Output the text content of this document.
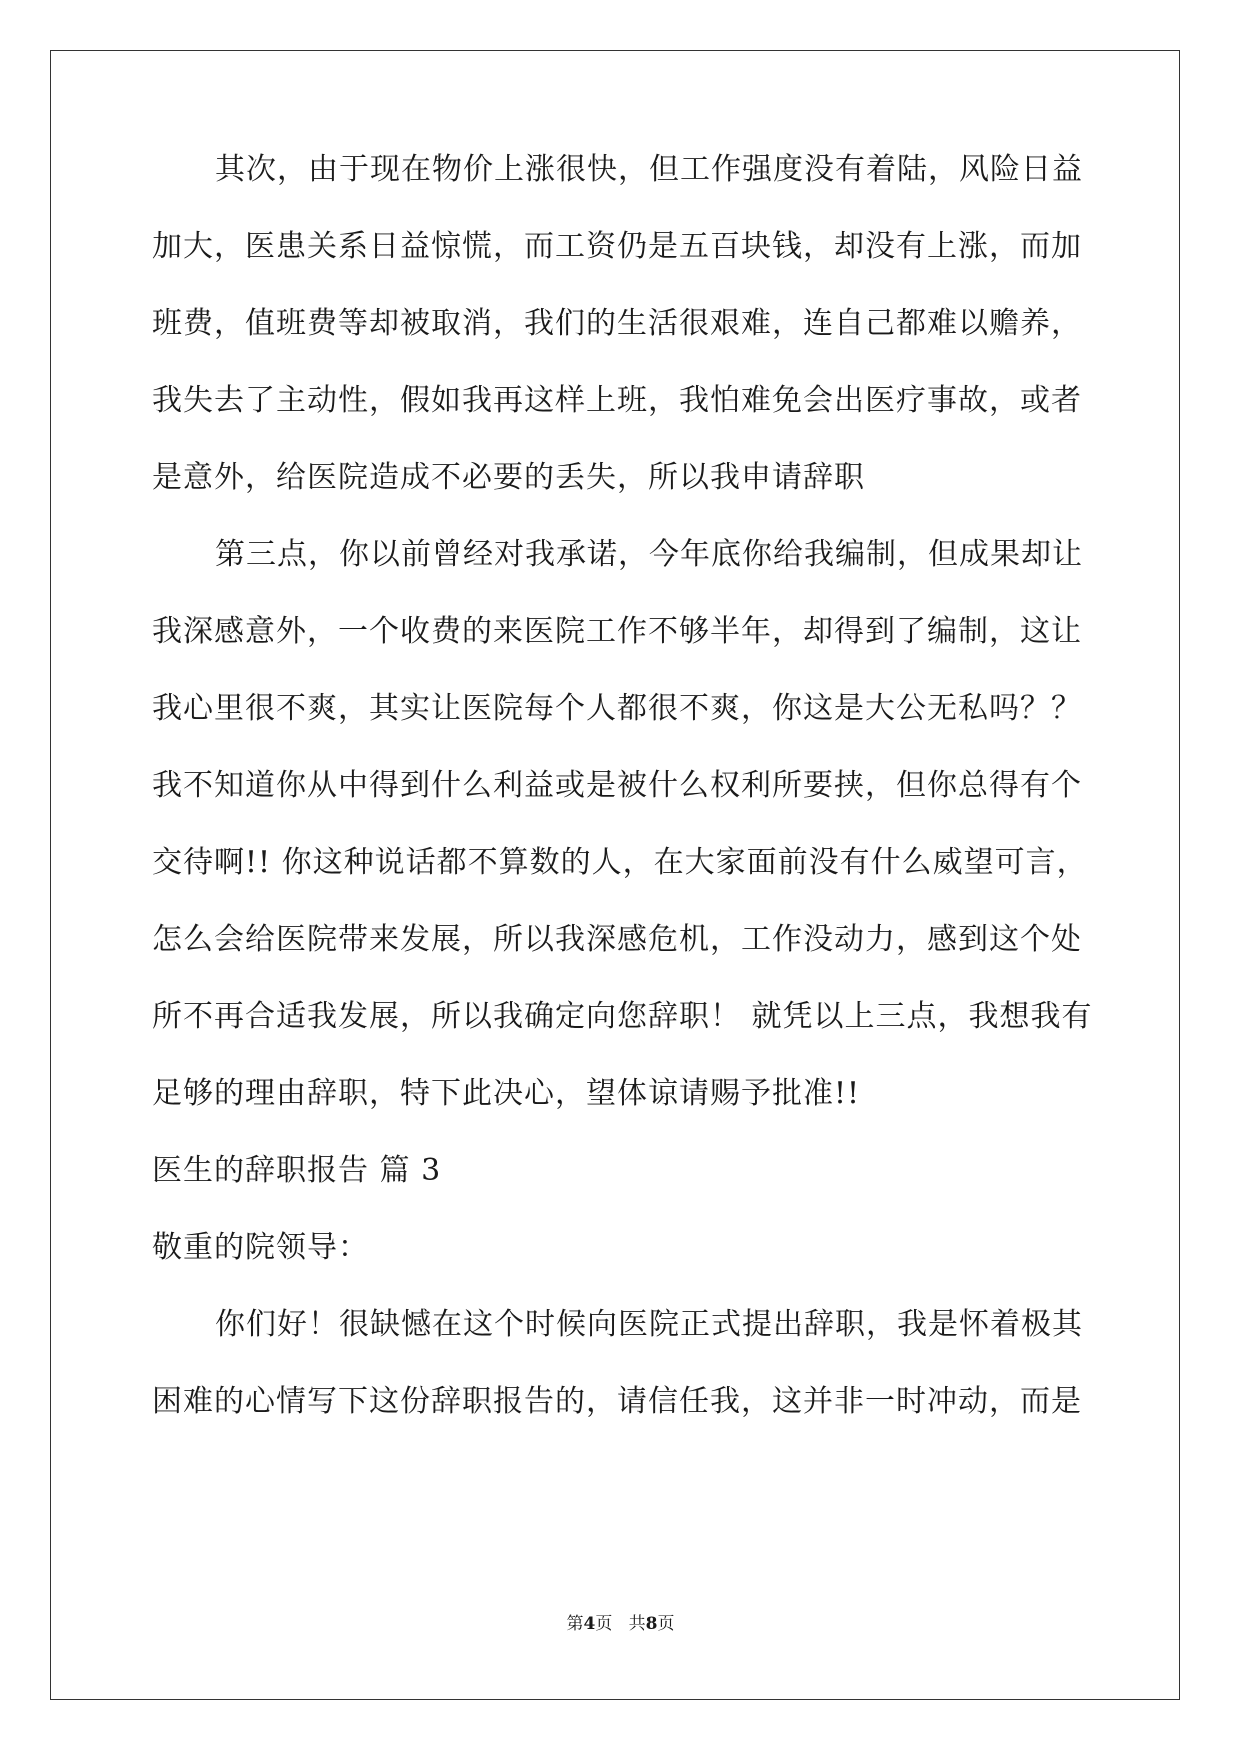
其次，由于现在物价上涨很快，但工作强度没有着陆，风险日益
加大，医患关系日益惊慌，而工资仍是五百块钱，却没有上涨，而加
班费，值班费等却被取消，我们的生活很艰难，连自己都难以赡养，
我失去了主动性，假如我再这样上班，我怕难免会出医疗事故，或者
是意外，给医院造成不必要的丢失，所以我申请辞职
第三点，你以前曾经对我承诺，今年底你给我编制，但成果却让
我深感意外，一个收费的来医院工作不够半年，却得到了编制，这让
我心里很不爽，其实让医院每个人都很不爽，你这是大公无私吗？？
我不知道你从中得到什么利益或是被什么权利所要挟，但你总得有个
交待啊!! 你这种说话都不算数的人，在大家面前没有什么威望可言，
怎么会给医院带来发展，所以我深感危机，工作没动力，感到这个处
所不再合适我发展，所以我确定向您辞职！ 就凭以上三点，我想我有
足够的理由辞职，特下此决心，望体谅请赐予批准!!
医生的辞职报告 篇 3
敬重的院领导：
你们好！很缺憾在这个时候向医院正式提出辞职，我是怀着极其
困难的心情写下这份辞职报告的，请信任我，这并非一时冲动，而是
第4页 共8页
